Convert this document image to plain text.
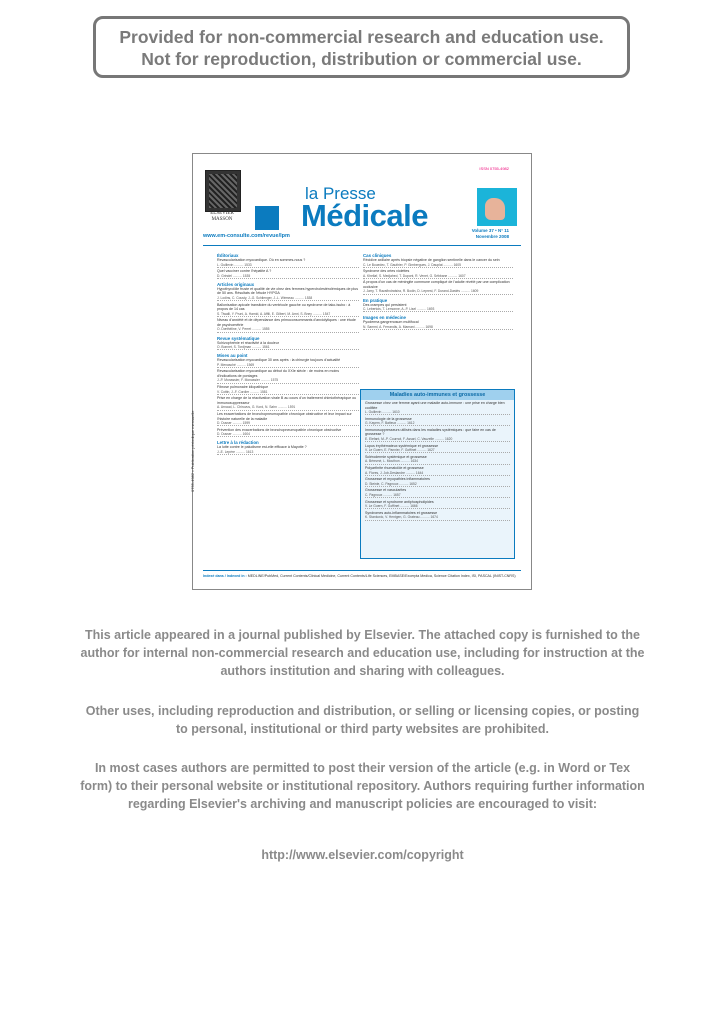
Provided for non-commercial research and education use.
Not for reproduction, distribution or commercial use.
ISSN 0755-4982
ELSEVIER MASSON
la Presse
Médicale
www.em-consulte.com/revue/lpm
Volume 37 • N° 11
Novembre 2008
Éditoriaux
Revascularisation myocardique. Où en sommes-nous ?
L. Guillevin .......... 1533
Quel vacciner contre l'hépatite A ?
D. Grindel .......... 1535
Articles originaux
Hypothyroïdie fruste et qualité de vie chez des femmes hypercholestérolémiques de plus de 50 ans. Résultats de l'étude HYPGA
J. Lodins, C. Cousty, J.-G. Schlienger, J.-L. Wémeau .......... 1538
Ballonisation apicale transitoire du ventricule gauche ou syndrome de tako-tsubo : à propos de 14 cas
S. Tiwalli, Y. Pruni, A. Hamid, A. Affili, E. Gilbert, M. Amri, S. Bney .......... 1547
Niveau d'anxiété et de dépendance des primoconsommants d'anxiolytiques : une étude de psychométrie
O. Dœthéline, V. Perret .......... 1555
Revue systématique
Schizophrénie et réactivité à la douleur
O. Bonnet, S. Tordjman .......... 1561
Mises au point
Revascularisation myocardique 30 ans après : la chirurgie toujours d'actualité
P. Menasché .......... 1569
Revascularisation myocardique au début du XXIe siècle : de moins en moins d'indications de pontages
J.-P. Monassier, F. Monassier .......... 1575
Fibrose pulmonaire idiopathique
V. Cottin, J.-F. Cordier .......... 1581
Prise en charge de la réactivation virale B au cours d'un traitement chimiothérapique ou immunosuppresseur
A. Arnaud, L. Chiruvus, G. Kord, N. Sahn .......... 1591
Les exacerbations de bronchopneumopathie chronique obstructive et leur impact sur l'histoire naturelle de la maladie
D. Dusser .......... 1599
Prévention des exacerbations de bronchopneumopathie chronique obstructive
D. Dusser .......... 1604
Lettre à la rédaction
La lutte contre le paludisme est-elle efficace à Mayotte ?
J.-E. Lepère .......... 1613
Cas cliniques
Récidive axillaire après biopsie négative de ganglion sentinelle dans le cancer du sein
C. Le Bouedec, T. Gauthier, P. Gimbergues, J. Dauplat .......... 1605
Syndrome des ortes violettes
A. Khellaf, S. Medjahed, T. Dupont, R. Venet, G. Sébbane .......... 1607
À propos d'un cas de méningite commune compliqué de l'adulte révélé par une complication occlusive
J. Jarry, T. Razafindratsira, R. Bodin, D. Leprest, F. Durand-Dastès .......... 1609
En pratique
Des crampes qui persistent
C. Lebertois, T. Lemonne, A.-P. Lisel .......... 1693
Images en médecine
Pyoderma gangrenosum multifocal
N. Sammi, A. Ferrandis, A. Mamani .......... 1698
Maladies auto-immunes et grossesse
Grossesse chez une femme ayant une maladie auto-immune : une prise en charge bien codifiée
L. Guillevin .......... 1610
Immunologie de la grossesse
G. Kayem, F. Batteux .......... 1612
Immunosuppresseurs utilisés dans les maladies systémiques : que faire en cas de grossesse ?
E. Elefant, M.-P. Cournot, F. Assari, C. Vauzelle .......... 1620
Lupus érythémateux systémique et grossesse
V. Le Guern, E. Pannier, F. Goffinet .......... 1627
Sclérodermie systémique et grossesse
A. Bérezné, L. Mouthon .......... 1634
Polyarthrite rhumatoïde et grossesse
A. Flores, J. Job-Deslandre .......... 1644
Grossesse et myopathies inflammatoires
D. Steinle, C. Pagnoux .......... 1652
Grossesse et vascularites
C. Pagnoux .......... 1657
Grossesse et syndrome antiphospholipides
V. Le Guern, F. Goffinet .......... 1666
Syndromes auto-inflammatoires et grossesse
K. Stankovic, V. Hentgen, G. Grateau .......... 1674
0755-4982 • Publication périodique mensuelle
Indexé dans / Indexed in : MEDLINE/PubMed, Current Contents/Clinical Medicine, Current Contents/Life Sciences, EMBASE/Excerpta Medica, Science Citation Index, ISI, PASCAL (INIST-CNRS)
This article appeared in a journal published by Elsevier. The attached copy is furnished to the author for internal non-commercial research and education use, including for instruction at the authors institution and sharing with colleagues.
Other uses, including reproduction and distribution, or selling or licensing copies, or posting to personal, institutional or third party websites are prohibited.
In most cases authors are permitted to post their version of the article (e.g. in Word or Tex form) to their personal website or institutional repository. Authors requiring further information regarding Elsevier's archiving and manuscript policies are encouraged to visit:
http://www.elsevier.com/copyright
